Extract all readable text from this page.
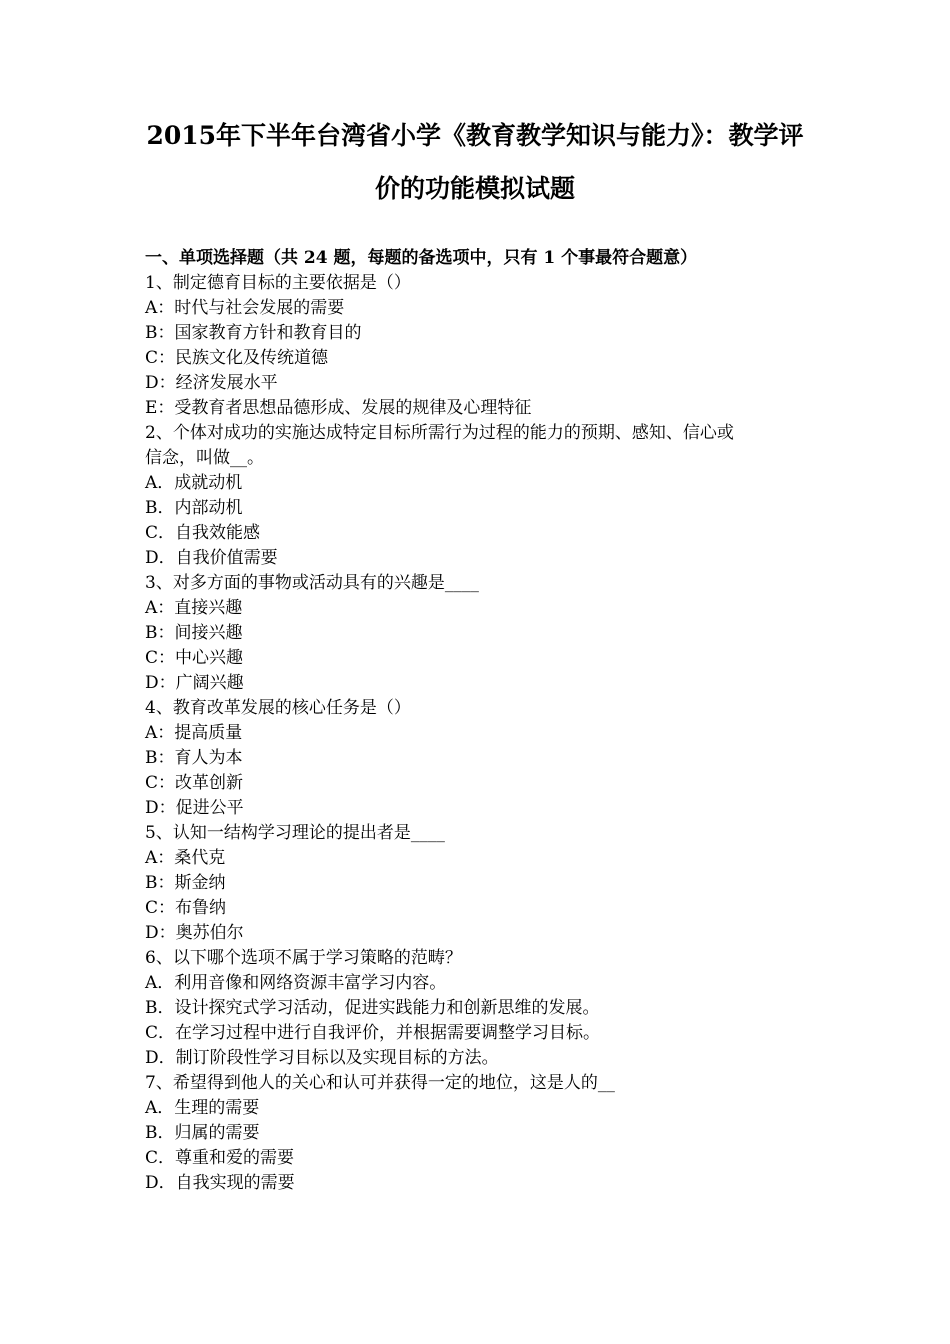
2015年下半年台湾省小学《教育教学知识与能力》：教学评
价的功能模拟试题
一、单项选择题（共 24 题，每题的备选项中，只有 1 个事最符合题意）
1、制定德育目标的主要依据是（）
A：时代与社会发展的需要
B：国家教育方针和教育目的
C：民族文化及传统道德
D：经济发展水平
E：受教育者思想品德形成、发展的规律及心理特征
2、个体对成功的实施达成特定目标所需行为过程的能力的预期、感知、信心或
信念，叫做__。
A．成就动机
B．内部动机
C．自我效能感
D．自我价值需要
3、对多方面的事物或活动具有的兴趣是____
A：直接兴趣
B：间接兴趣
C：中心兴趣
D：广阔兴趣
4、教育改革发展的核心任务是（）
A：提高质量
B：育人为本
C：改革创新
D：促进公平
5、认知一结构学习理论的提出者是____
A：桑代克
B：斯金纳
C：布鲁纳
D：奥苏伯尔
6、以下哪个选项不属于学习策略的范畴？
A．利用音像和网络资源丰富学习内容。
B．设计探究式学习活动，促进实践能力和创新思维的发展。
C．在学习过程中进行自我评价，并根据需要调整学习目标。
D．制订阶段性学习目标以及实现目标的方法。
7、希望得到他人的关心和认可并获得一定的地位，这是人的__
A．生理的需要
B．归属的需要
C．尊重和爱的需要
D．自我实现的需要
